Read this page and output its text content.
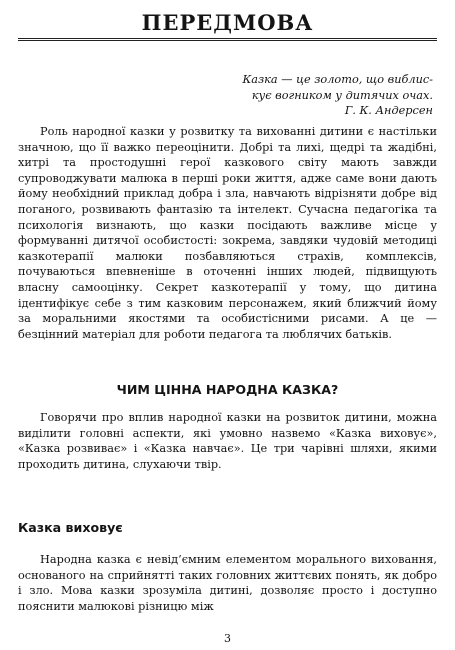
ПЕРЕДМОВА

Казка — це золото, що виблис-

кує вогником у дитячих очах.

Г. К. Андерсен

Роль народної казки у розвитку та вихованні дитини є настільки значною, що її важко переоцінити. Добрі та лихі, щедрі та жадібні, хитрі та простодушні герої казкового світу мають завжди супроводжувати малюка в перші роки життя, адже саме вони дають йому необхідний приклад добра і зла, навчають відрізняти добре від поганого, розвивають фантазію та інтелект. Сучасна педагогіка та психологія визнають, що казки посідають важливе місце у формуванні дитячої особистості: зокрема, завдяки чудовій методиці казкотерапії малюки позбавляються страхів, комплексів, почуваються впевненіше в оточенні інших людей, підвищують власну самооцінку. Секрет казкотерапії у тому, що дитина ідентифікує себе з тим казковим персонажем, який ближчий йому за моральними якостями та особистісними рисами. А це — безцінний матеріал для роботи педагога та люблячих батьків.

ЧИМ ЦІННА НАРОДНА КАЗКА?

Говорячи про вплив народної казки на розвиток дитини, можна виділити головні аспекти, які умовно назвемо «Казка виховує», «Казка розвиває» і «Казка навчає». Це три чарівні шляхи, якими проходить дитина, слухаючи твір.

Казка виховує

Народна казка є невід’ємним елементом морального виховання, основаного на сприйнятті таких головних життєвих понять, як добро і зло. Мова казки зрозуміла дитині, дозволяє просто і доступно пояснити малюкові різницю між

3
